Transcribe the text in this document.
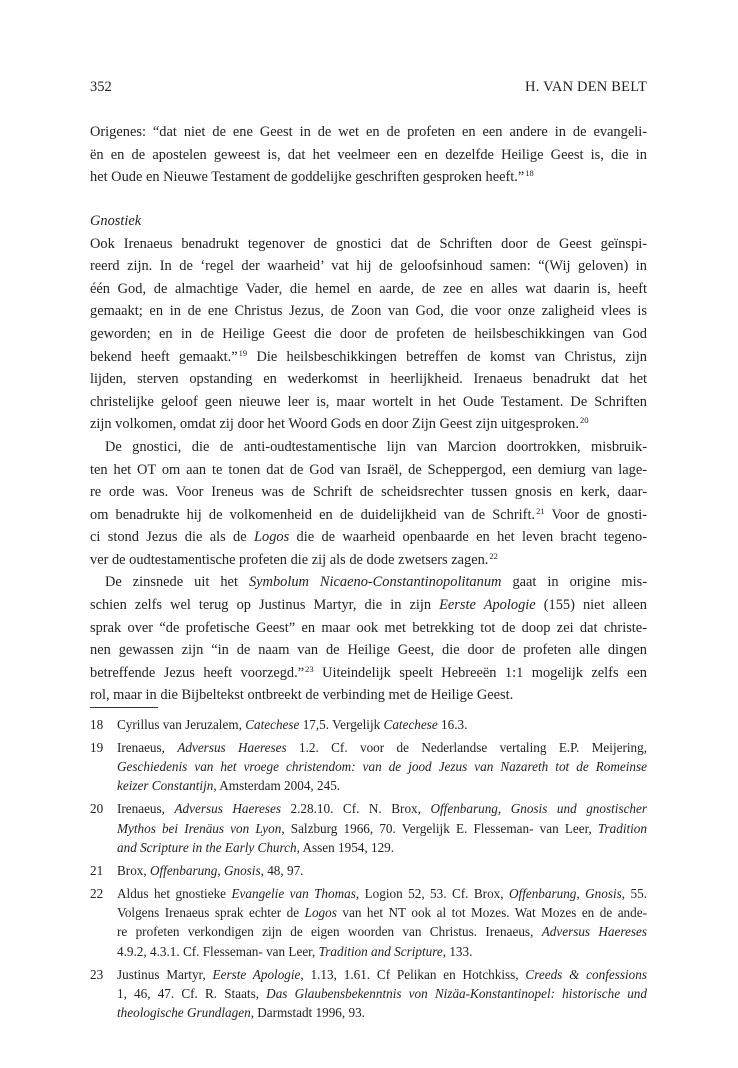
352	H. VAN DEN BELT
Origenes: “dat niet de ene Geest in de wet en de profeten en een andere in de evangeli-
ën en de apostelen geweest is, dat het veelmeer een en dezelfde Heilige Geest is, die in
het Oude en Nieuwe Testament de goddelijke geschriften gesproken heeft.”$^{18}$
Gnostiek
Ook Irenaeus benadrukt tegenover de gnostici dat de Schriften door de Geest geïnspi-
reerd zijn. In de ‘regel der waarheid’ vat hij de geloofsinhoud samen: “(Wij geloven) in
één God, de almachtige Vader, die hemel en aarde, de zee en alles wat daarin is, heeft
gemaakt; en in de ene Christus Jezus, de Zoon van God, die voor onze zaligheid vlees is
geworden; en in de Heilige Geest die door de profeten de heilsbeschikkingen van God
bekend heeft gemaakt.”$^{19}$ Die heilsbeschikkingen betreffen de komst van Christus, zijn
lijden, sterven opstanding en wederkomst in heerlijkheid. Irenaeus benadrukt dat het
christelijke geloof geen nieuwe leer is, maar wortelt in het Oude Testament. De Schriften
zijn volkomen, omdat zij door het Woord Gods en door Zijn Geest zijn uitgesproken.$^{20}$
De gnostici, die de anti-oudtestamentische lijn van Marcion doortrokken, misbruik-
ten het OT om aan te tonen dat de God van Israël, de Scheppergod, een demiurg van lage-
re orde was. Voor Ireneus was de Schrift de scheidsrechter tussen gnosis en kerk, daar-
om benadrukte hij de volkomenheid en de duidelijkheid van de Schrift.$^{21}$ Voor de gnosti-
ci stond Jezus die als de Logos die de waarheid openbaarde en het leven bracht tegeno-
ver de oudtestamentische profeten die zij als de dode zwetsers zagen.$^{22}$
De zinsnede uit het Symbolum Nicaeno-Constantinopolitanum gaat in origine mis-
schien zelfs wel terug op Justinus Martyr, die in zijn Eerste Apologie (155) niet alleen
sprak over “de profetische Geest” en maar ook met betrekking tot de doop zei dat christe-
nen gewassen zijn “in de naam van de Heilige Geest, die door de profeten alle dingen
betreffende Jezus heeft voorzegd.”$^{23}$ Uiteindelijk speelt Hebreeën 1:1 mogelijk zelfs een
rol, maar in die Bijbeltekst ontbreekt de verbinding met de Heilige Geest.
18 Cyrillus van Jeruzalem, Catechese 17,5. Vergelijk Catechese 16.3.
19 Irenaeus, Adversus Haereses 1.2. Cf. voor de Nederlandse vertaling E.P. Meijering,
Geschiedenis van het vroege christendom: van de jood Jezus van Nazareth tot de Romeinse
keizer Constantijn, Amsterdam 2004, 245.
20 Irenaeus, Adversus Haereses 2.28.10. Cf. N. Brox, Offenbarung, Gnosis und gnostischer
Mythos bei Irenäus von Lyon, Salzburg 1966, 70. Vergelijk E. Flesseman- van Leer, Tradition
and Scripture in the Early Church, Assen 1954, 129.
21 Brox, Offenbarung, Gnosis, 48, 97.
22 Aldus het gnostieke Evangelie van Thomas, Logion 52, 53. Cf. Brox, Offenbarung, Gnosis, 55.
Volgens Irenaeus sprak echter de Logos van het NT ook al tot Mozes. Wat Mozes en de ande-
re profeten verkondigen zijn de eigen woorden van Christus. Irenaeus, Adversus Haereses
4.9.2, 4.3.1. Cf. Flesseman- van Leer, Tradition and Scripture, 133.
23 Justinus Martyr, Eerste Apologie, 1.13, 1.61. Cf Pelikan en Hotchkiss, Creeds & confessions
1, 46, 47. Cf. R. Staats, Das Glaubensbekenntnis von Nizäa-Konstantinopel: historische und
theologische Grundlagen, Darmstadt 1996, 93.
